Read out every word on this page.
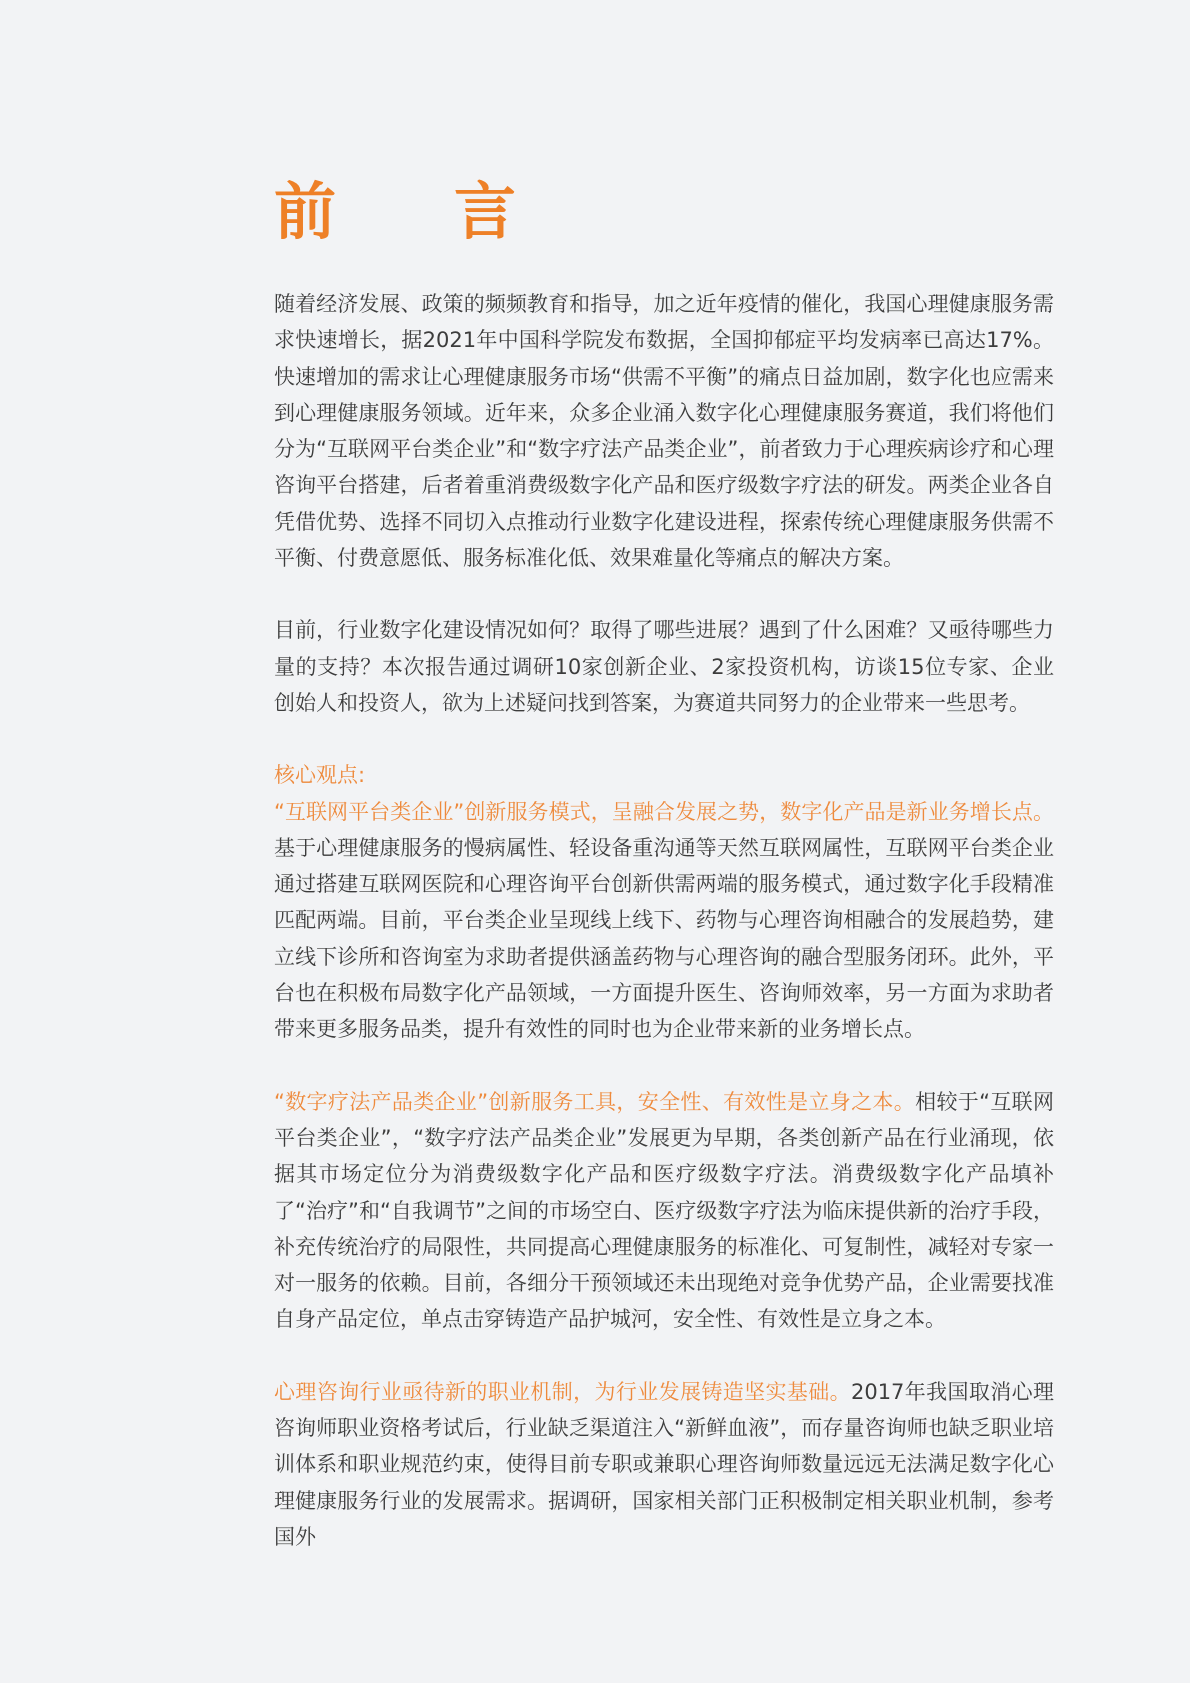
前　言

随着经济发展、政策的频频教育和指导，加之近年疫情的催化，我国心理健康服务需求快速增长，据2021年中国科学院发布数据，全国抑郁症平均发病率已高达17%。快速增加的需求让心理健康服务市场“供需不平衡”的痛点日益加剧，数字化也应需来到心理健康服务领域。近年来，众多企业涌入数字化心理健康服务赛道，我们将他们分为“互联网平台类企业”和“数字疗法产品类企业”，前者致力于心理疾病诊疗和心理咨询平台搭建，后者着重消费级数字化产品和医疗级数字疗法的研发。两类企业各自凭借优势、选择不同切入点推动行业数字化建设进程，探索传统心理健康服务供需不平衡、付费意愿低、服务标准化低、效果难量化等痛点的解决方案。

目前，行业数字化建设情况如何？取得了哪些进展？遇到了什么困难？又亟待哪些力量的支持？本次报告通过调研10家创新企业、2家投资机构，访谈15位专家、企业创始人和投资人，欲为上述疑问找到答案，为赛道共同努力的企业带来一些思考。

核心观点:

“互联网平台类企业”创新服务模式，呈融合发展之势，数字化产品是新业务增长点。基于心理健康服务的慢病属性、轻设备重沟通等天然互联网属性，互联网平台类企业通过搭建互联网医院和心理咨询平台创新供需两端的服务模式，通过数字化手段精准匹配两端。目前，平台类企业呈现线上线下、药物与心理咨询相融合的发展趋势，建立线下诊所和咨询室为求助者提供涵盖药物与心理咨询的融合型服务闭环。此外，平台也在积极布局数字化产品领域，一方面提升医生、咨询师效率，另一方面为求助者带来更多服务品类，提升有效性的同时也为企业带来新的业务增长点。

“数字疗法产品类企业”创新服务工具，安全性、有效性是立身之本。相较于“互联网平台类企业”，“数字疗法产品类企业”发展更为早期，各类创新产品在行业涌现，依据其市场定位分为消费级数字化产品和医疗级数字疗法。消费级数字化产品填补了“治疗”和“自我调节”之间的市场空白、医疗级数字疗法为临床提供新的治疗手段，补充传统治疗的局限性，共同提高心理健康服务的标准化、可复制性，减轻对专家一对一服务的依赖。目前，各细分干预领域还未出现绝对竞争优势产品，企业需要找准自身产品定位，单点击穿铸造产品护城河，安全性、有效性是立身之本。

心理咨询行业亟待新的职业机制，为行业发展铸造坚实基础。2017年我国取消心理咨询师职业资格考试后，行业缺乏渠道注入“新鲜血液”，而存量咨询师也缺乏职业培训体系和职业规范约束，使得目前专职或兼职心理咨询师数量远远无法满足数字化心理健康服务行业的发展需求。据调研，国家相关部门正积极制定相关职业机制，参考国外
